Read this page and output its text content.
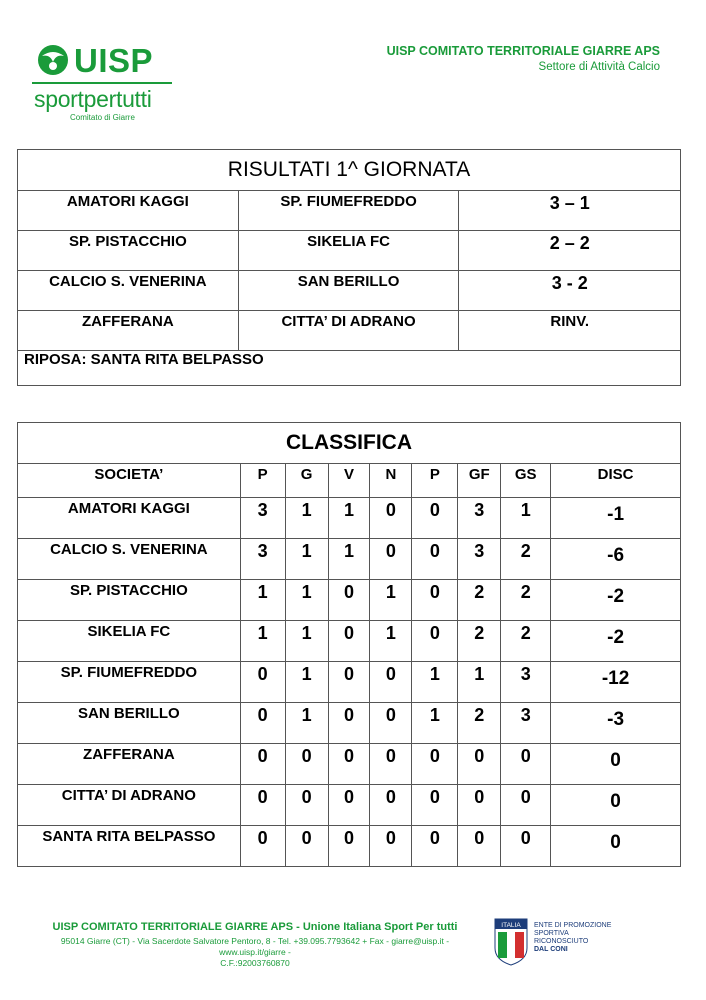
UISP
sportpertutti
Comitato di Giarre
UISP COMITATO TERRITORIALE GIARRE APS
Settore di Attività Calcio
RISULTATI 1^ GIORNATA		
AMATORI KAGGI	SP. FIUMEFREDDO	3 – 1
SP. PISTACCHIO	SIKELIA FC	2 – 2
CALCIO S. VENERINA	SAN BERILLO	3 - 2
ZAFFERANA	CITTA’ DI ADRANO	RINV.
RIPOSA: SANTA RITA BELPASSO		
CLASSIFICA								
SOCIETA’	P	G	V	N	P	GF	GS	DISC
AMATORI KAGGI	3	1	1	0	0	3	1	-1
CALCIO S. VENERINA	3	1	1	0	0	3	2	-6
SP. PISTACCHIO	1	1	0	1	0	2	2	-2
SIKELIA FC	1	1	0	1	0	2	2	-2
SP. FIUMEFREDDO	0	1	0	0	1	1	3	-12
SAN BERILLO	0	1	0	0	1	2	3	-3
ZAFFERANA	0	0	0	0	0	0	0	0
CITTA’ DI ADRANO	0	0	0	0	0	0	0	0
SANTA RITA BELPASSO	0	0	0	0	0	0	0	0
UISP COMITATO TERRITORIALE GIARRE APS - Unione Italiana Sport Per tutti
95014 Giarre (CT) - Via Sacerdote Salvatore Pentoro, 8 - Tel. +39.095.7793642 + Fax - giarre@uisp.it - www.uisp.it/giarre -
C.F.:92003760870
ITALIA ENTE DI PROMOZIONE
SPORTIVA
RICONOSCIUTO
DAL CONI
